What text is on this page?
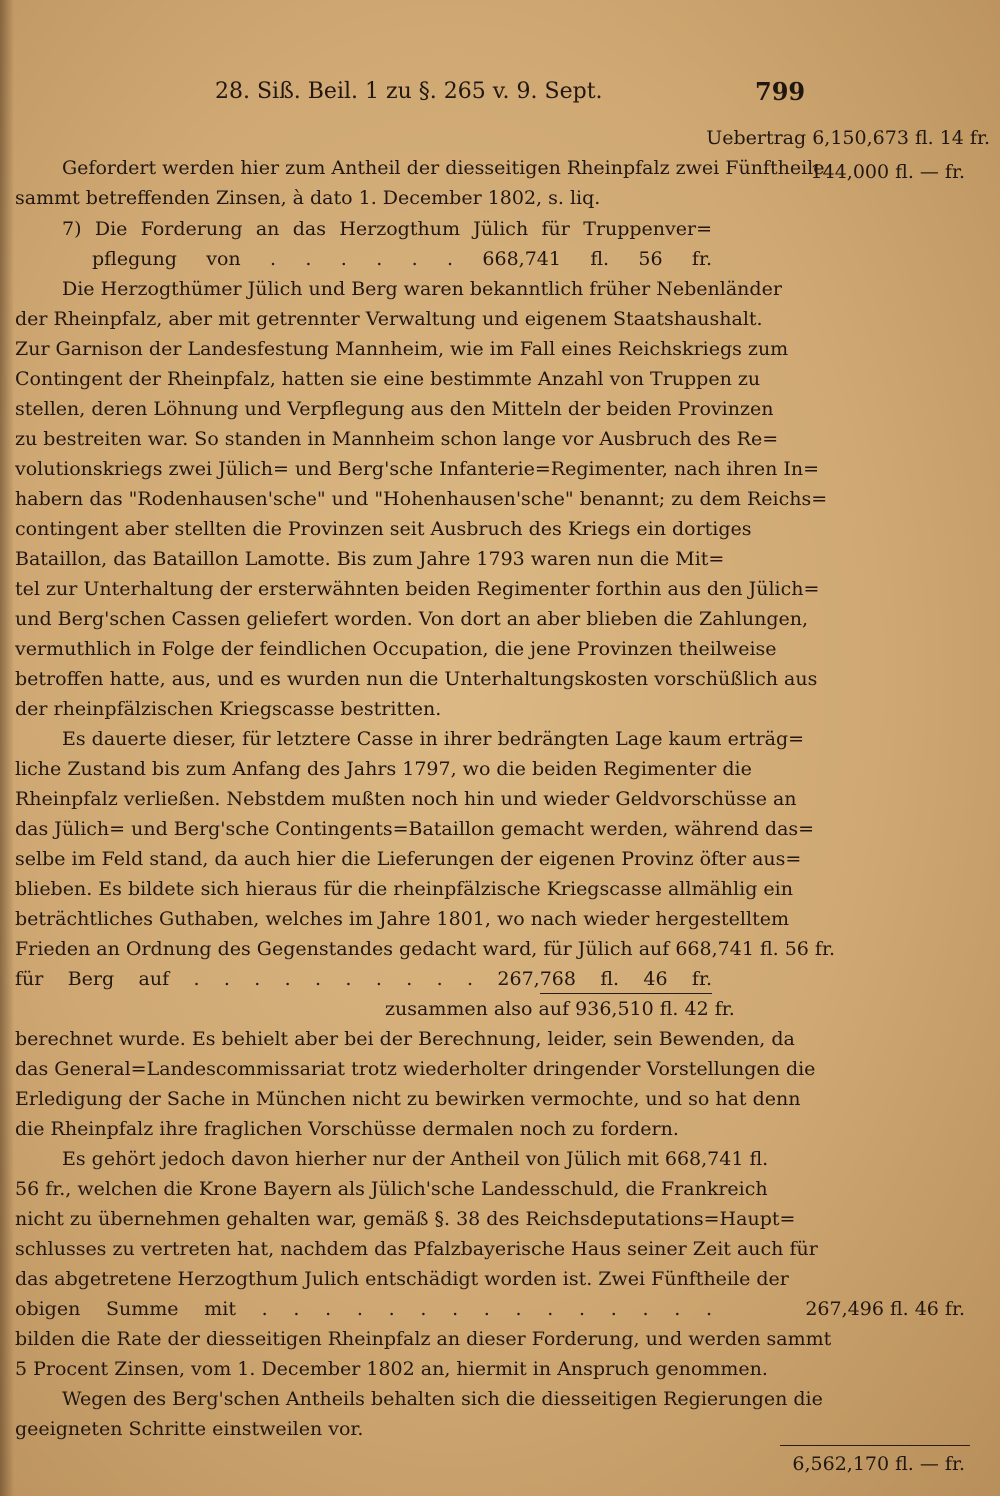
28. Siß. Beil. 1 zu §. 265 v. 9. Sept.	799
Uebertrag 6,150,673 fl. 14 fr.
144,000 fl. — fr.
Gefordert werden hier zum Antheil der diesseitigen Rheinpfalz zwei Fünftheile
sammt betreffenden Zinsen, à dato 1. December 1802, s. liq.
7) Die Forderung an das Herzogthum Jülich für Truppenver=
pflegung von . . . . . . 668,741 fl. 56 fr.
Die Herzogthümer Jülich und Berg waren bekanntlich früher Nebenländer
der Rheinpfalz, aber mit getrennter Verwaltung und eigenem Staatshaushalt.
Zur Garnison der Landesfestung Mannheim, wie im Fall eines Reichskriegs zum
Contingent der Rheinpfalz, hatten sie eine bestimmte Anzahl von Truppen zu
stellen, deren Löhnung und Verpflegung aus den Mitteln der beiden Provinzen
zu bestreiten war. So standen in Mannheim schon lange vor Ausbruch des Re=
volutionskriegs zwei Jülich= und Berg'sche Infanterie=Regimenter, nach ihren In=
habern das "Rodenhausen'sche" und "Hohenhausen'sche" benannt; zu dem Reichs=
contingent aber stellten die Provinzen seit Ausbruch des Kriegs ein dortiges
Bataillon, das Bataillon Lamotte. Bis zum Jahre 1793 waren nun die Mit=
tel zur Unterhaltung der ersterwähnten beiden Regimenter forthin aus den Jülich=
und Berg'schen Cassen geliefert worden. Von dort an aber blieben die Zahlungen,
vermuthlich in Folge der feindlichen Occupation, die jene Provinzen theilweise
betroffen hatte, aus, und es wurden nun die Unterhaltungskosten vorschüßlich aus
der rheinpfälzischen Kriegscasse bestritten.
Es dauerte dieser, für letztere Casse in ihrer bedrängten Lage kaum erträg=
liche Zustand bis zum Anfang des Jahrs 1797, wo die beiden Regimenter die
Rheinpfalz verließen. Nebstdem mußten noch hin und wieder Geldvorschüsse an
das Jülich= und Berg'sche Contingents=Bataillon gemacht werden, während das=
selbe im Feld stand, da auch hier die Lieferungen der eigenen Provinz öfter aus=
blieben. Es bildete sich hieraus für die rheinpfälzische Kriegscasse allmählig ein
beträchtliches Guthaben, welches im Jahre 1801, wo nach wieder hergestelltem
Frieden an Ordnung des Gegenstandes gedacht ward, für Jülich auf 668,741 fl. 56 fr.
für Berg auf . . . . . . . . . . 267,768 fl. 46 fr.
zusammen also auf 936,510 fl. 42 fr.
berechnet wurde. Es behielt aber bei der Berechnung, leider, sein Bewenden, da
das General=Landescommissariat trotz wiederholter dringender Vorstellungen die
Erledigung der Sache in München nicht zu bewirken vermochte, und so hat denn
die Rheinpfalz ihre fraglichen Vorschüsse dermalen noch zu fordern.
Es gehört jedoch davon hierher nur der Antheil von Jülich mit 668,741 fl.
56 fr., welchen die Krone Bayern als Jülich'sche Landesschuld, die Frankreich
nicht zu übernehmen gehalten war, gemäß §. 38 des Reichsdeputations=Haupt=
schlusses zu vertreten hat, nachdem das Pfalzbayerische Haus seiner Zeit auch für
das abgetretene Herzogthum Julich entschädigt worden ist. Zwei Fünftheile der
obigen Summe mit . . . . . . . . . . . . . . .	267,496 fl. 46 fr.
bilden die Rate der diesseitigen Rheinpfalz an dieser Forderung, und werden sammt
5 Procent Zinsen, vom 1. December 1802 an, hiermit in Anspruch genommen.
Wegen des Berg'schen Antheils behalten sich die diesseitigen Regierungen die
geeigneten Schritte einstweilen vor.
6,562,170 fl. — fr.
